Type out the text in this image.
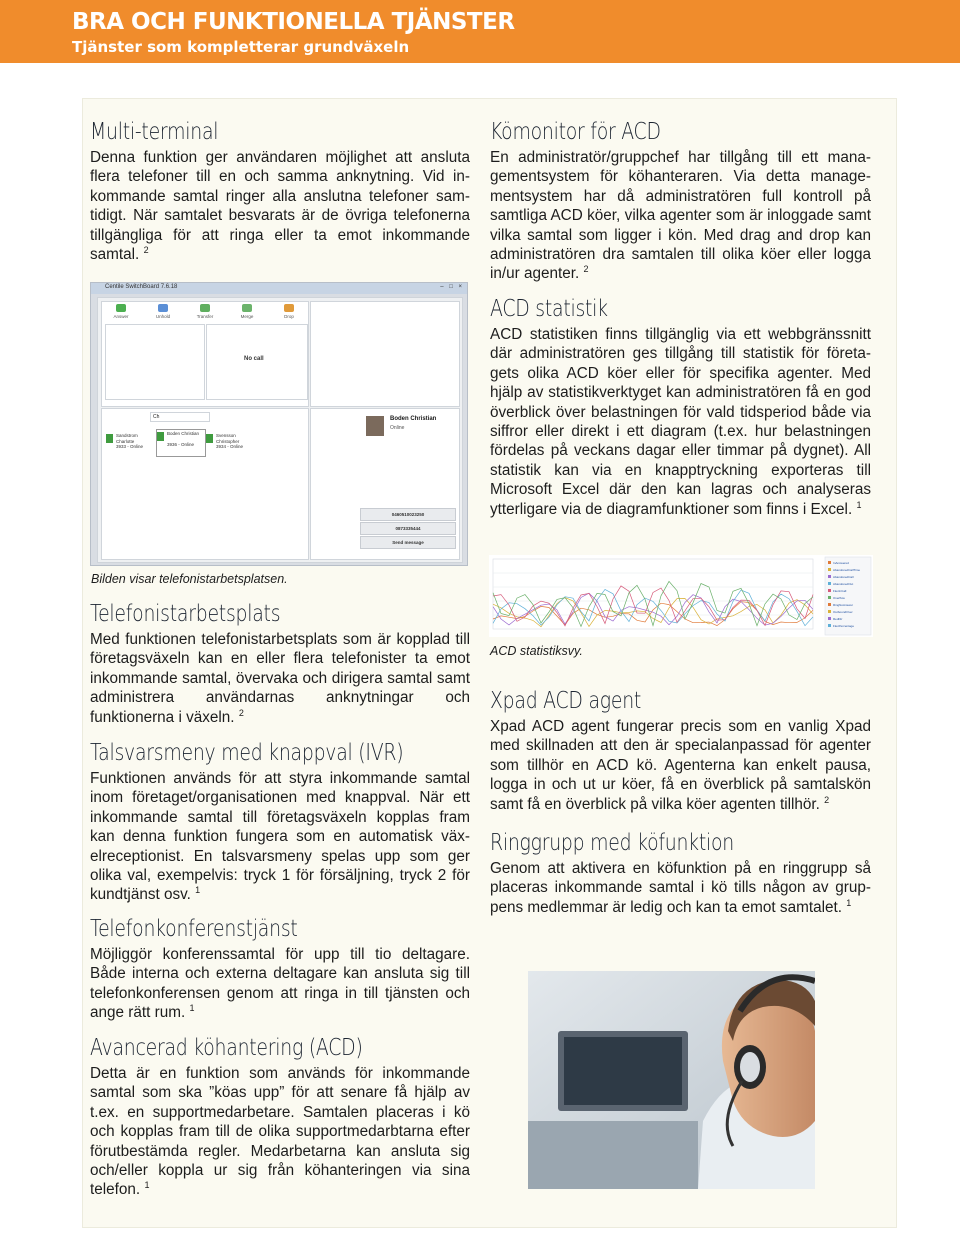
BRA OCH FUNKTIONELLA TJÄNSTER
Tjänster som kompletterar grundväxeln
Multi-terminal

Denna funktion ger användaren möjlighet att ansluta flera telefoner till en och samma anknytning. Vid inkommande samtal ringer alla anslutna telefoner samtidigt. När samtalet besvarats är de övriga telefonerna tillgängliga för att ringa eller ta emot inkommande samtal. $^2$

Centile SwitchBoard 7.6.18	– □ ×
Answer	Unhold	Transfer	Merge	Drop
No call
Ch
Sandstrom Charlotte
3933 - Online
Boden Christian
3936 - Online
Svensson Christopher
3934 - Online
Boden Christian
Online
0460510023250
0873335444
Send message
Bilden visar telefonistarbetsplatsen.
Telefonistarbetsplats

Med funktionen telefonistarbetsplats som är kopplad till företagsväxeln kan en eller flera telefonister ta emot inkommande samtal, övervaka och dirigera samtal samt administrera användarnas anknytningar och funktionerna i växeln. $^2$

Talsvarsmeny med knappval (IVR)

Funktionen används för att styra inkommande samtal inom företaget/organisationen med knappval. När ett inkommande samtal till företagsväxeln kopplas fram kan denna funktion fungera som en automatisk växelreceptionist. En talsvarsmeny spelas upp som ger olika val, exempelvis: tryck 1 för försäljning, tryck 2 för kundtjänst osv. $^1$

Telefonkonferenstjänst

Möjliggör konferenssamtal för upp till tio deltagare. Både interna och externa deltagare kan ansluta sig till telefonkonferensen genom att ringa in till tjänsten och ange rätt rum. $^1$

Avancerad köhantering (ACD)

Detta är en funktion som används för inkommande samtal som ska ”köas upp” för att senare få hjälp av t.ex. en supportmedarbetare. Samtalen placeras i kö och kopplas fram till de olika supportmedarbtarna efter förutbestämda regler. Medarbetarna kan ansluta sig och/eller koppla ur sig från köhanteringen via sina telefon. $^1$

Kömonitor för ACD

En administratör/gruppchef har tillgång till ett managementsystem för köhanteraren. Via detta managementsystem har då administratören full kontroll på samtliga ACD köer, vilka agenter som är inloggade samt vilka samtal som ligger i kön. Med drag and drop kan administratören dra samtalen till olika köer eller logga in/ur agenter. $^2$

ACD statistik

ACD statistiken finns tillgänglig via ett webbgränssnitt där administratören ges tillgång till statistik för företagets olika ACD köer eller för specifika agenter. Med hjälp av statistikverktyget kan administratören få en god överblick över belastningen för vald tidsperiod både via siffror eller direkt i ett diagram (t.ex. hur belastningen fördelas på veckans dagar eller timmar på dygnet). All statistik kan via en knapptryckning exporteras till Microsoft Excel där den kan lagras och analyseras ytterligare via de diagramfunktioner som finns i Excel. $^1$

InAnswered
AbandonedCallTime
AbandonedCall
AbandonedOut
FlexInCall
Overflow
RingNoAnswer
OutboundOver
RedDir
FlexPercentage
ACD statistiksvy.
Xpad ACD agent

Xpad ACD agent fungerar precis som en vanlig Xpad med skillnaden att den är specialanpassad för agenter som tillhör en ACD kö. Agenterna kan enkelt pausa, logga in och ut ur köer, få en överblick på samtalskön samt få en överblick på vilka köer agenten tillhör. $^2$

Ringgrupp med köfunktion

Genom att aktivera en köfunktion på en ringgrupp så placeras inkommande samtal i kö tills någon av gruppens medlemmar är ledig och kan ta emot samtalet. $^1$
